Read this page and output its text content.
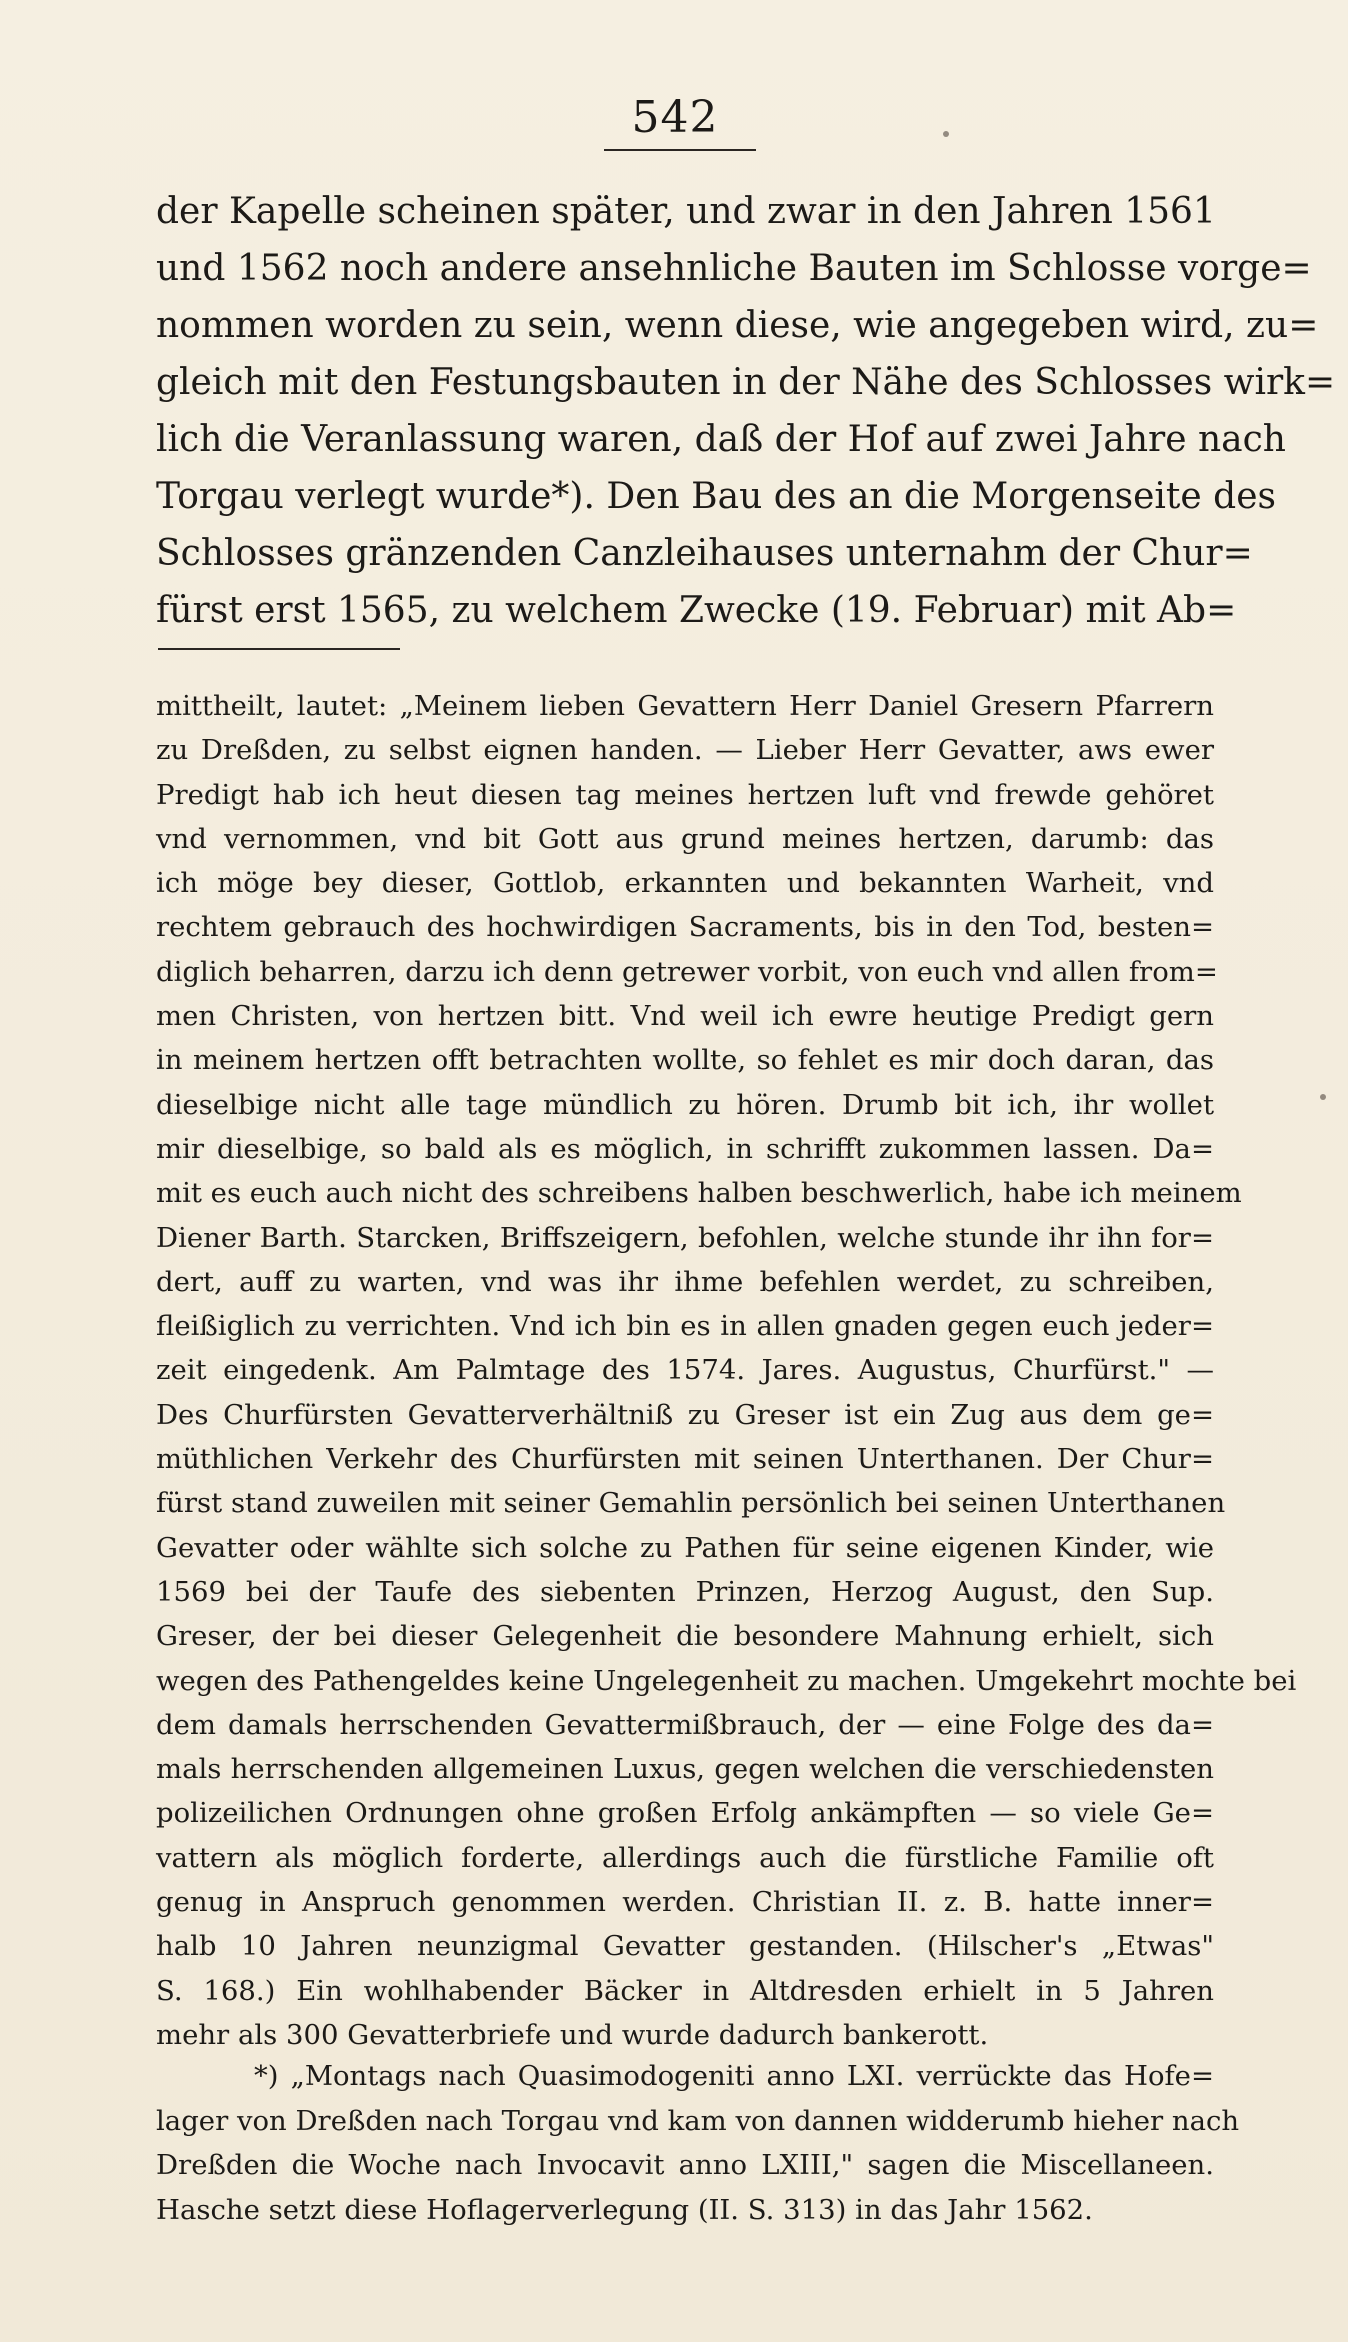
542
der Kapelle scheinen später, und zwar in den Jahren 1561
und 1562 noch andere ansehnliche Bauten im Schlosse vorge=
nommen worden zu sein, wenn diese, wie angegeben wird, zu=
gleich mit den Festungsbauten in der Nähe des Schlosses wirk=
lich die Veranlassung waren, daß der Hof auf zwei Jahre nach
Torgau verlegt wurde*). Den Bau des an die Morgenseite des
Schlosses gränzenden Canzleihauses unternahm der Chur=
fürst erst 1565, zu welchem Zwecke (19. Februar) mit Ab=
mittheilt, lautet: „Meinem lieben Gevattern Herr Daniel Gresern Pfarrern
zu Dreßden, zu selbst eignen handen. — Lieber Herr Gevatter, aws ewer
Predigt hab ich heut diesen tag meines hertzen luft vnd frewde gehöret
vnd vernommen, vnd bit Gott aus grund meines hertzen, darumb: das
ich möge bey dieser, Gottlob, erkannten und bekannten Warheit, vnd
rechtem gebrauch des hochwirdigen Sacraments, bis in den Tod, besten=
diglich beharren, darzu ich denn getrewer vorbit, von euch vnd allen from=
men Christen, von hertzen bitt. Vnd weil ich ewre heutige Predigt gern
in meinem hertzen offt betrachten wollte, so fehlet es mir doch daran, das
dieselbige nicht alle tage mündlich zu hören. Drumb bit ich, ihr wollet
mir dieselbige, so bald als es möglich, in schrifft zukommen lassen. Da=
mit es euch auch nicht des schreibens halben beschwerlich, habe ich meinem
Diener Barth. Starcken, Briffszeigern, befohlen, welche stunde ihr ihn for=
dert, auff zu warten, vnd was ihr ihme befehlen werdet, zu schreiben,
fleißiglich zu verrichten. Vnd ich bin es in allen gnaden gegen euch jeder=
zeit eingedenk. Am Palmtage des 1574. Jares. Augustus, Churfürst." —
Des Churfürsten Gevatterverhältniß zu Greser ist ein Zug aus dem ge=
müthlichen Verkehr des Churfürsten mit seinen Unterthanen. Der Chur=
fürst stand zuweilen mit seiner Gemahlin persönlich bei seinen Unterthanen
Gevatter oder wählte sich solche zu Pathen für seine eigenen Kinder, wie
1569 bei der Taufe des siebenten Prinzen, Herzog August, den Sup.
Greser, der bei dieser Gelegenheit die besondere Mahnung erhielt, sich
wegen des Pathengeldes keine Ungelegenheit zu machen. Umgekehrt mochte bei
dem damals herrschenden Gevattermißbrauch, der — eine Folge des da=
mals herrschenden allgemeinen Luxus, gegen welchen die verschiedensten
polizeilichen Ordnungen ohne großen Erfolg ankämpften — so viele Ge=
vattern als möglich forderte, allerdings auch die fürstliche Familie oft
genug in Anspruch genommen werden. Christian II. z. B. hatte inner=
halb 10 Jahren neunzigmal Gevatter gestanden. (Hilscher's „Etwas"
S. 168.) Ein wohlhabender Bäcker in Altdresden erhielt in 5 Jahren
mehr als 300 Gevatterbriefe und wurde dadurch bankerott.
*) „Montags nach Quasimodogeniti anno LXI. verrückte das Hofe=
lager von Dreßden nach Torgau vnd kam von dannen widderumb hieher nach
Dreßden die Woche nach Invocavit anno LXIII," sagen die Miscellaneen.
Hasche setzt diese Hoflagerverlegung (II. S. 313) in das Jahr 1562.
